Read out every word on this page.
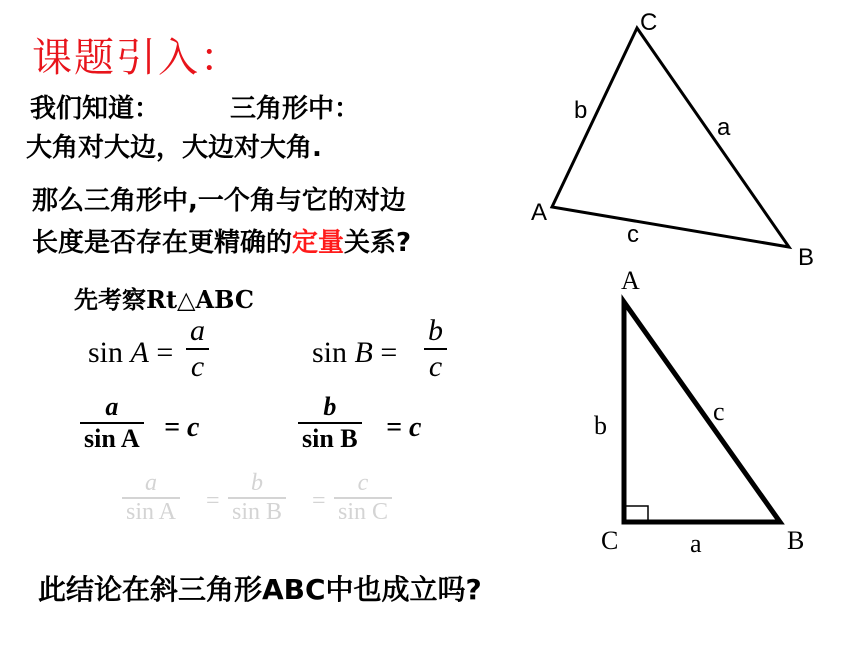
课题引入：
我们知道：	三角形中：
大角对大边，大边对大角.
那么三角形中,一个角与它的对边
长度是否存在更精确的定量关系?
先考察Rt△ABC
sin A =
a
c	sin B =
b
c
a
sin A = c
b
sin B = c
a
sin A =
b
sin B =
c
sin C
此结论在斜三角形ABC中也成立吗?
C
A
B
b
a
c
A
C	B
b	c
a
